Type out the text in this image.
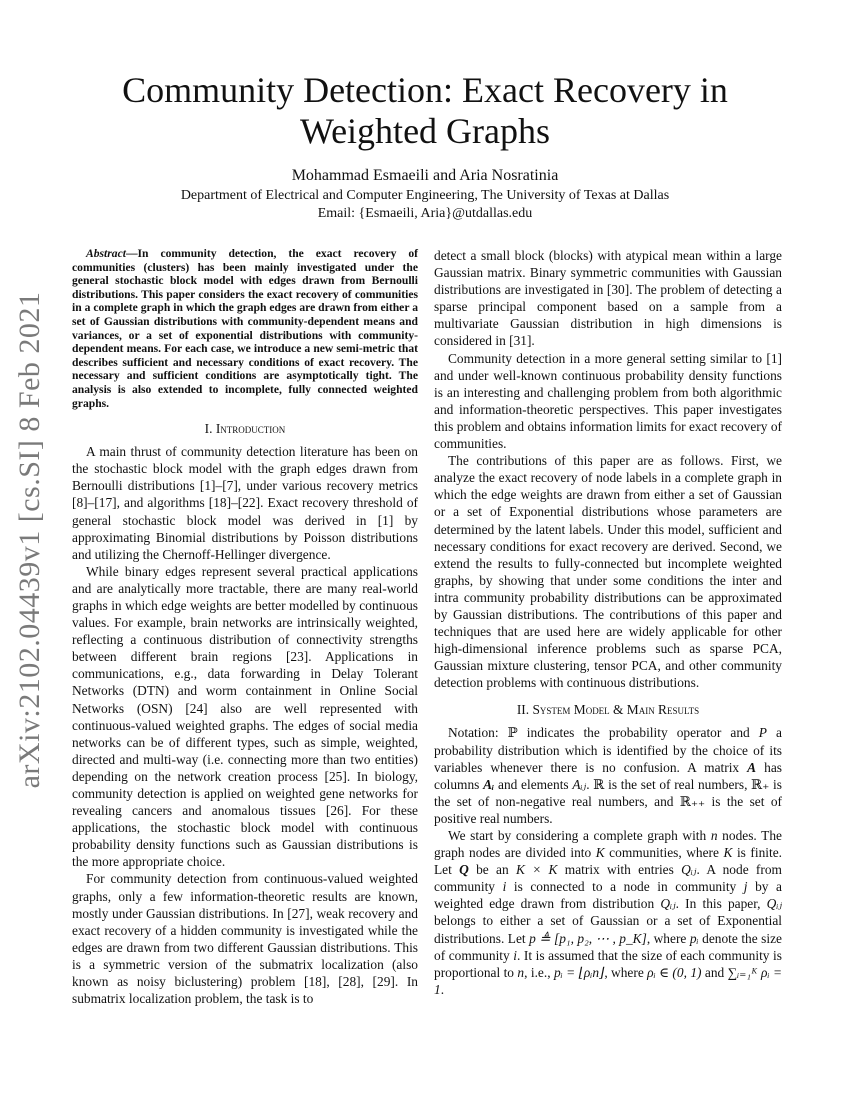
arXiv:2102.04439v1 [cs.SI] 8 Feb 2021
Community Detection: Exact Recovery in Weighted Graphs
Mohammad Esmaeili and Aria Nosratinia
Department of Electrical and Computer Engineering, The University of Texas at Dallas
Email: {Esmaeili, Aria}@utdallas.edu

Abstract—In community detection, the exact recovery of communities (clusters) has been mainly investigated under the general stochastic block model with edges drawn from Bernoulli distributions. This paper considers the exact recovery of communities in a complete graph in which the graph edges are drawn from either a set of Gaussian distributions with community-dependent means and variances, or a set of exponential distributions with community-dependent means. For each case, we introduce a new semi-metric that describes sufficient and necessary conditions of exact recovery. The necessary and sufficient conditions are asymptotically tight. The analysis is also extended to incomplete, fully connected weighted graphs.

I. Introduction

A main thrust of community detection literature has been on the stochastic block model with the graph edges drawn from Bernoulli distributions [1]–[7], under various recovery metrics [8]–[17], and algorithms [18]–[22]. Exact recovery threshold of general stochastic block model was derived in [1] by approximating Binomial distributions by Poisson distributions and utilizing the Chernoff-Hellinger divergence.

While binary edges represent several practical applications and are analytically more tractable, there are many real-world graphs in which edge weights are better modelled by continuous values. For example, brain networks are intrinsically weighted, reflecting a continuous distribution of connectivity strengths between different brain regions [23]. Applications in communications, e.g., data forwarding in Delay Tolerant Networks (DTN) and worm containment in Online Social Networks (OSN) [24] also are well represented with continuous-valued weighted graphs. The edges of social media networks can be of different types, such as simple, weighted, directed and multi-way (i.e. connecting more than two entities) depending on the network creation process [25]. In biology, community detection is applied on weighted gene networks for revealing cancers and anomalous tissues [26]. For these applications, the stochastic block model with continuous probability density functions such as Gaussian distributions is the more appropriate choice.

For community detection from continuous-valued weighted graphs, only a few information-theoretic results are known, mostly under Gaussian distributions. In [27], weak recovery and exact recovery of a hidden community is investigated while the edges are drawn from two different Gaussian distributions. This is a symmetric version of the submatrix localization (also known as noisy biclustering) problem [18], [28], [29]. In submatrix localization problem, the task is to

detect a small block (blocks) with atypical mean within a large Gaussian matrix. Binary symmetric communities with Gaussian distributions are investigated in [30]. The problem of detecting a sparse principal component based on a sample from a multivariate Gaussian distribution in high dimensions is considered in [31].

Community detection in a more general setting similar to [1] and under well-known continuous probability density functions is an interesting and challenging problem from both algorithmic and information-theoretic perspectives. This paper investigates this problem and obtains information limits for exact recovery of communities.

The contributions of this paper are as follows. First, we analyze the exact recovery of node labels in a complete graph in which the edge weights are drawn from either a set of Gaussian or a set of Exponential distributions whose parameters are determined by the latent labels. Under this model, sufficient and necessary conditions for exact recovery are derived. Second, we extend the results to fully-connected but incomplete weighted graphs, by showing that under some conditions the inter and intra community probability distributions can be approximated by Gaussian distributions. The contributions of this paper and techniques that are used here are widely applicable for other high-dimensional inference problems such as sparse PCA, Gaussian mixture clustering, tensor PCA, and other community detection problems with continuous distributions.

II. System Model & Main Results

Notation: ℙ indicates the probability operator and P a probability distribution which is identified by the choice of its variables whenever there is no confusion. A matrix A has columns Aᵢ and elements Aᵢⱼ. ℝ is the set of real numbers, ℝ₊ is the set of non-negative real numbers, and ℝ₊₊ is the set of positive real numbers.

We start by considering a complete graph with n nodes. The graph nodes are divided into K communities, where K is finite. Let Q be an K × K matrix with entries Qᵢⱼ. A node from community i is connected to a node in community j by a weighted edge drawn from distribution Qᵢⱼ. In this paper, Qᵢⱼ belongs to either a set of Gaussian or a set of Exponential distributions. Let p ≜ [p₁, p₂, ⋯ , p_K], where pᵢ denote the size of community i. It is assumed that the size of each community is proportional to n, i.e., pᵢ = ⌊ρᵢn⌋, where ρᵢ ∈ (0, 1) and ∑ᵢ₌₁ᴷ ρᵢ = 1.
